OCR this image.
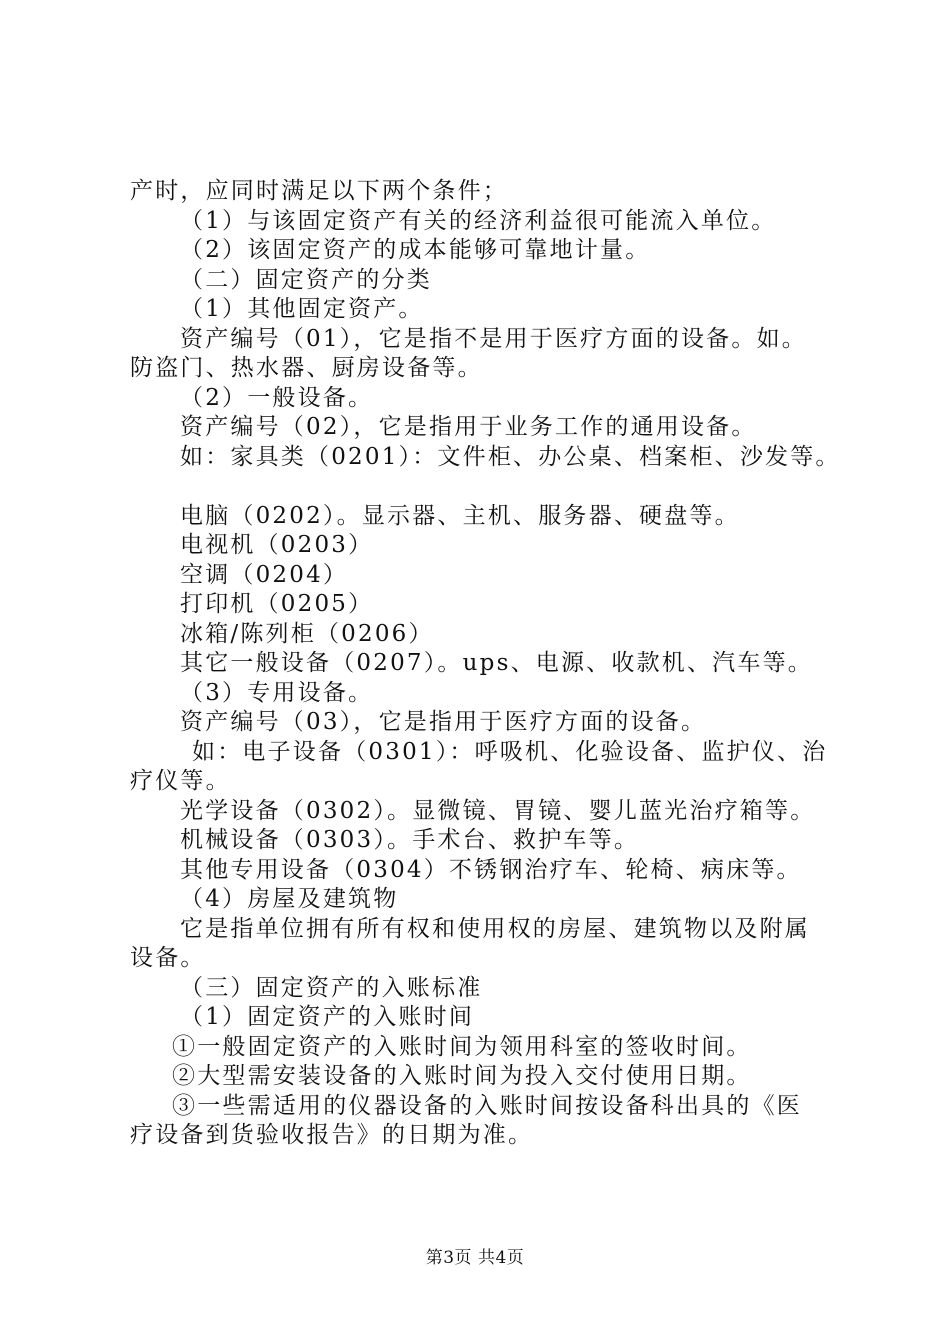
产时，应同时满足以下两个条件；
（1）与该固定资产有关的经济利益很可能流入单位。
（2）该固定资产的成本能够可靠地计量。
（二）固定资产的分类
（1）其他固定资产。
资产编号（01），它是指不是用于医疗方面的设备。如。
防盗门、热水器、厨房设备等。
（2）一般设备。
资产编号（02），它是指用于业务工作的通用设备。
如：家具类（0201）：文件柜、办公桌、档案柜、沙发等。
电脑（0202）。显示器、主机、服务器、硬盘等。
电视机（0203）
空调（0204）
打印机（0205）
冰箱/陈列柜（0206）
其它一般设备（0207）。ups、电源、收款机、汽车等。
（3）专用设备。
资产编号（03），它是指用于医疗方面的设备。
如：电子设备（0301）：呼吸机、化验设备、监护仪、治
疗仪等。
光学设备（0302）。显微镜、胃镜、婴儿蓝光治疗箱等。
机械设备（0303）。手术台、救护车等。
其他专用设备（0304）不锈钢治疗车、轮椅、病床等。
（4）房屋及建筑物
它是指单位拥有所有权和使用权的房屋、建筑物以及附属
设备。
（三）固定资产的入账标准
（1）固定资产的入账时间
①一般固定资产的入账时间为领用科室的签收时间。
②大型需安装设备的入账时间为投入交付使用日期。
③一些需适用的仪器设备的入账时间按设备科出具的《医
疗设备到货验收报告》的日期为准。
第3页 共4页
